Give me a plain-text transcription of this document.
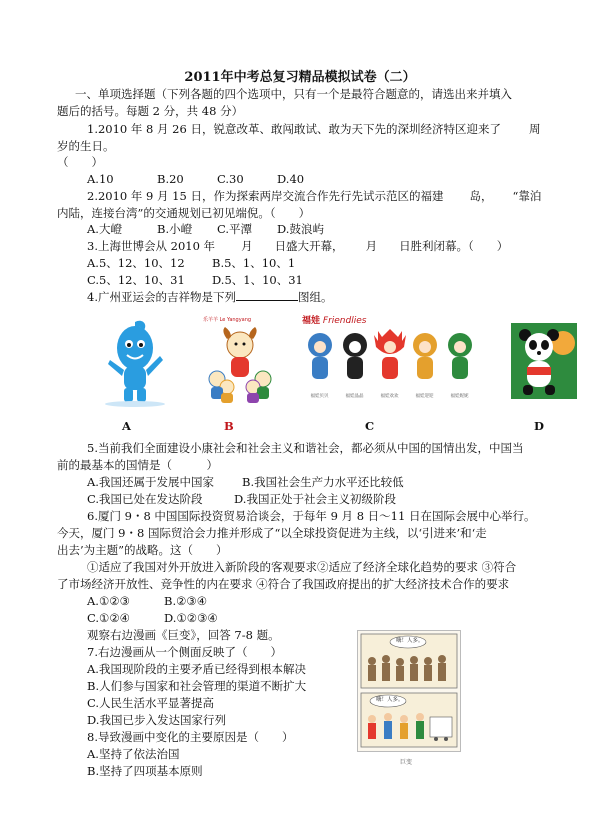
2011年中考总复习精品模拟试卷（二）
一、单项选择题（下列各题的四个选项中，只有一个是最符合题意的，请选出来并填入
题后的括号。每题 2 分，共 48 分）
1.2010 年 8 月 26 日，锐意改革、敢闯敢试、敢为天下先的深圳经济特区迎来了 周
岁的生日。
（　　）
A.10	B.20	C.30	D.40
2.2010 年 9 月 15 日，作为探索两岸交流合作先行先试示范区的福建 岛， “靠泊
内陆，连接台湾”的交通规划已初见端倪。（　　）
A.大嶝	B.小嶝 C.平潭 D.鼓浪屿
3.上海世博会从 2010 年 月 日盛大开幕， 月 日胜利闭幕。（　　）
A.5、12、10、12 B.5、1、10、1
C.5、12、10、31 D.5、1、10、31
4.广州亚运会的吉祥物是下列	图组。
乐羊羊 Le Yangyang	福娃 Friendlies
福娃贝贝	福娃晶晶	福娃欢欢	福娃迎迎	福娃妮妮
A	B	C	D
5.当前我们全面建设小康社会和社会主义和谐社会，都必须从中国的国情出发，中国当
前的最基本的国情是（　　　）
A.我国还属于发展中国家 B.我国社会生产力水平还比较低
C.我国已处在发达阶段	D.我国正处于社会主义初级阶段
6.厦门 9・8 中国国际投资贸易洽谈会，于每年 9 月 8 日～11 日在国际会展中心举行。
今天，厦门 9・8 国际贸洽会力推并形成了“以全球投资促进为主线，以‘引进来’和‘走
出去’为主题”的战略。这（　　）
①适应了我国对外开放进入新阶段的客观要求②适应了经济全球化趋势的要求 ③符合
了市场经济开放性、竞争性的内在要求 ④符合了我国政府提出的扩大经济技术合作的要求
A.①②③	B.②③④
C.①②④	D.①②③④
观察右边漫画《巨变》，回答 7-8 题。
7.右边漫画从一个侧面反映了（　　）
A.我国现阶段的主要矛盾已经得到根本解决
B.人们参与国家和社会管理的渠道不断扩大
C.人民生活水平显著提高
D.我国已步入发达国家行列
8.导致漫画中变化的主要原因是（　　）
A.坚持了依法治国
B.坚持了四项基本原则
嗨！人多。
嗨！人多。
巨变
